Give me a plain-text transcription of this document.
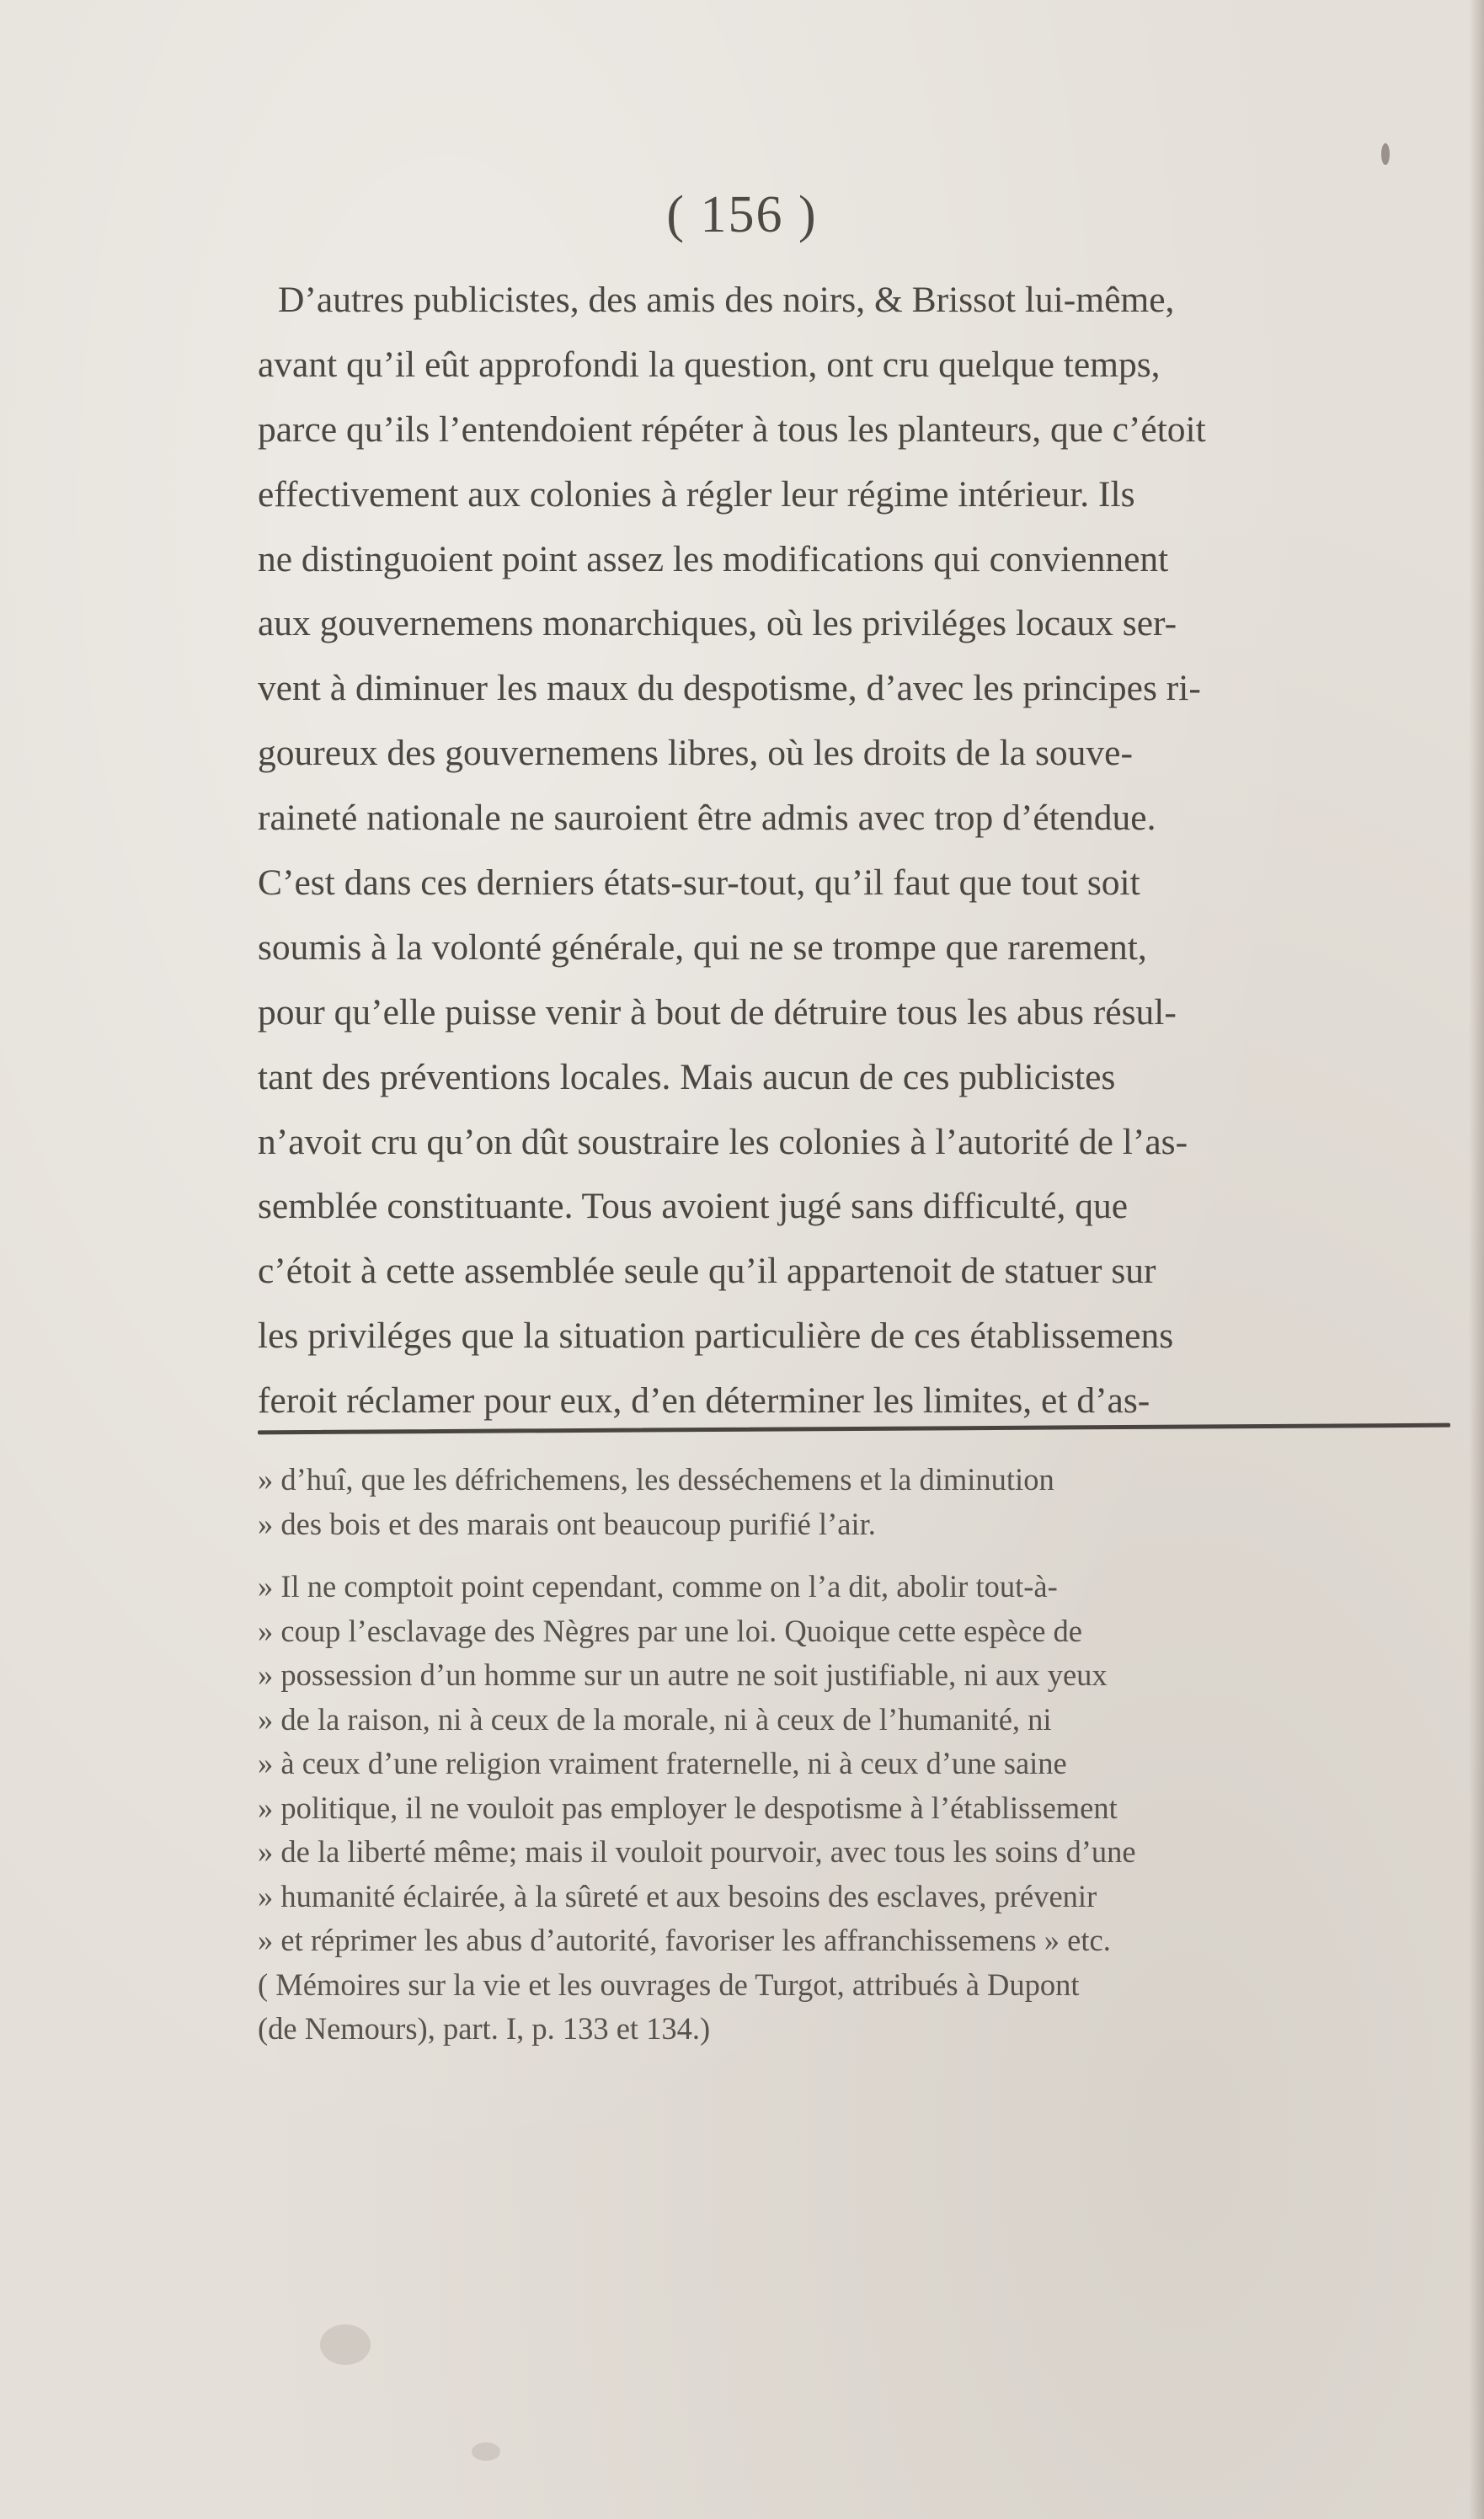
( 156 )
D’autres publicistes, des amis des noirs, & Brissot lui-même,
avant qu’il eût approfondi la question, ont cru quelque temps,
parce qu’ils l’entendoient répéter à tous les planteurs, que c’étoit
effectivement aux colonies à régler leur régime intérieur. Ils
ne distinguoient point assez les modifications qui conviennent
aux gouvernemens monarchiques, où les priviléges locaux ser-
vent à diminuer les maux du despotisme, d’avec les principes ri-
goureux des gouvernemens libres, où les droits de la souve-
raineté nationale ne sauroient être admis avec trop d’étendue.
C’est dans ces derniers états-sur-tout, qu’il faut que tout soit
soumis à la volonté générale, qui ne se trompe que rarement,
pour qu’elle puisse venir à bout de détruire tous les abus résul-
tant des préventions locales. Mais aucun de ces publicistes
n’avoit cru qu’on dût soustraire les colonies à l’autorité de l’as-
semblée constituante. Tous avoient jugé sans difficulté, que
c’étoit à cette assemblée seule qu’il appartenoit de statuer sur
les priviléges que la situation particulière de ces établissemens
feroit réclamer pour eux, d’en déterminer les limites, et d’as-
» d’huî, que les défrichemens, les desséchemens et la diminution
» des bois et des marais ont beaucoup purifié l’air.
» Il ne comptoit point cependant, comme on l’a dit, abolir tout-à-
» coup l’esclavage des Nègres par une loi. Quoique cette espèce de
» possession d’un homme sur un autre ne soit justifiable, ni aux yeux
» de la raison, ni à ceux de la morale, ni à ceux de l’humanité, ni
» à ceux d’une religion vraiment fraternelle, ni à ceux d’une saine
» politique, il ne vouloit pas employer le despotisme à l’établissement
» de la liberté même; mais il vouloit pourvoir, avec tous les soins d’une
» humanité éclairée, à la sûreté et aux besoins des esclaves, prévenir
» et réprimer les abus d’autorité, favoriser les affranchissemens » etc.
( Mémoires sur la vie et les ouvrages de Turgot, attribués à Dupont
(de Nemours), part. I, p. 133 et 134.)
